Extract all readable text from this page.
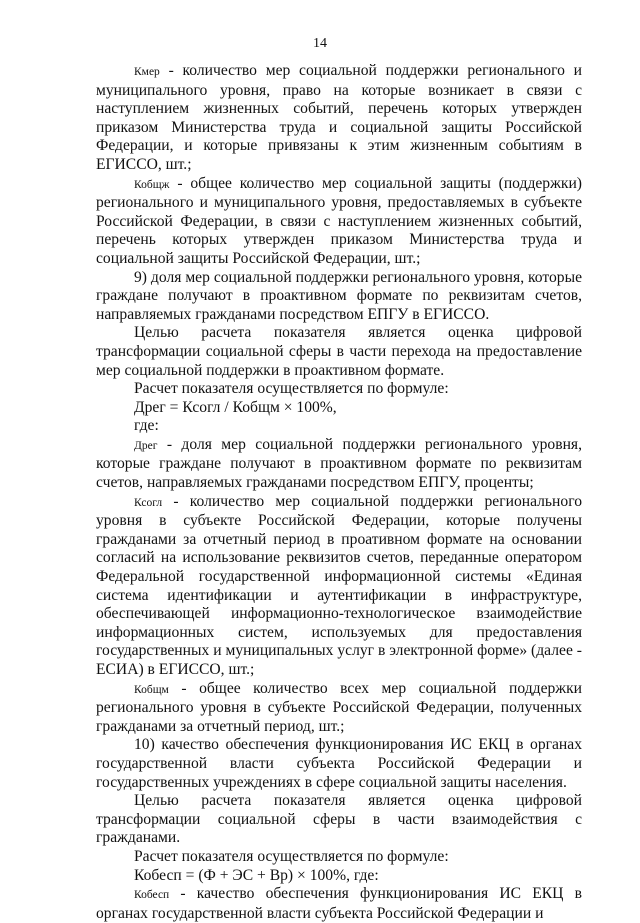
14

Кмер - количество мер социальной поддержки регионального и муниципального уровня, право на которые возникает в связи с наступлением жизненных событий, перечень которых утвержден приказом Министерства труда и социальной защиты Российской Федерации, и которые привязаны к этим жизненным событиям в ЕГИССО, шт.;

Кобщж - общее количество мер социальной защиты (поддержки) регионального и муниципального уровня, предоставляемых в субъекте Российской Федерации, в связи с наступлением жизненных событий, перечень которых утвержден приказом Министерства труда и социальной защиты Российской Федерации, шт.;

9) доля мер социальной поддержки регионального уровня, которые граждане получают в проактивном формате по реквизитам счетов, направляемых гражданами посредством ЕПГУ в ЕГИССО.

Целью расчета показателя является оценка цифровой трансформации социальной сферы в части перехода на предоставление мер социальной поддержки в проактивном формате.

Расчет показателя осуществляется по формуле:

Дрег = Ксогл / Кобщм × 100%,

где:

Дрег - доля мер социальной поддержки регионального уровня, которые граждане получают в проактивном формате по реквизитам счетов, направляемых гражданами посредством ЕПГУ, проценты;

Ксогл - количество мер социальной поддержки регионального уровня в субъекте Российской Федерации, которые получены гражданами за отчетный период в проативном формате на основании согласий на использование реквизитов счетов, переданные оператором Федеральной государственной информационной системы «Единая система идентификации и аутентификации в инфраструктуре, обеспечивающей информационно-технологическое взаимодействие информационных систем, используемых для предоставления государственных и муниципальных услуг в электронной форме» (далее - ЕСИА) в ЕГИССО, шт.;

Кобщм - общее количество всех мер социальной поддержки регионального уровня в субъекте Российской Федерации, полученных гражданами за отчетный период, шт.;

10) качество обеспечения функционирования ИС ЕКЦ в органах государственной власти субъекта Российской Федерации и государственных учреждениях в сфере социальной защиты населения.

Целью расчета показателя является оценка цифровой трансформации социальной сферы в части взаимодействия с гражданами.

Расчет показателя осуществляется по формуле:

Кобесп = (Ф + ЭС + Вр) × 100%, где:

Кобесп - качество обеспечения функционирования ИС ЕКЦ в органах государственной власти субъекта Российской Федерации и
